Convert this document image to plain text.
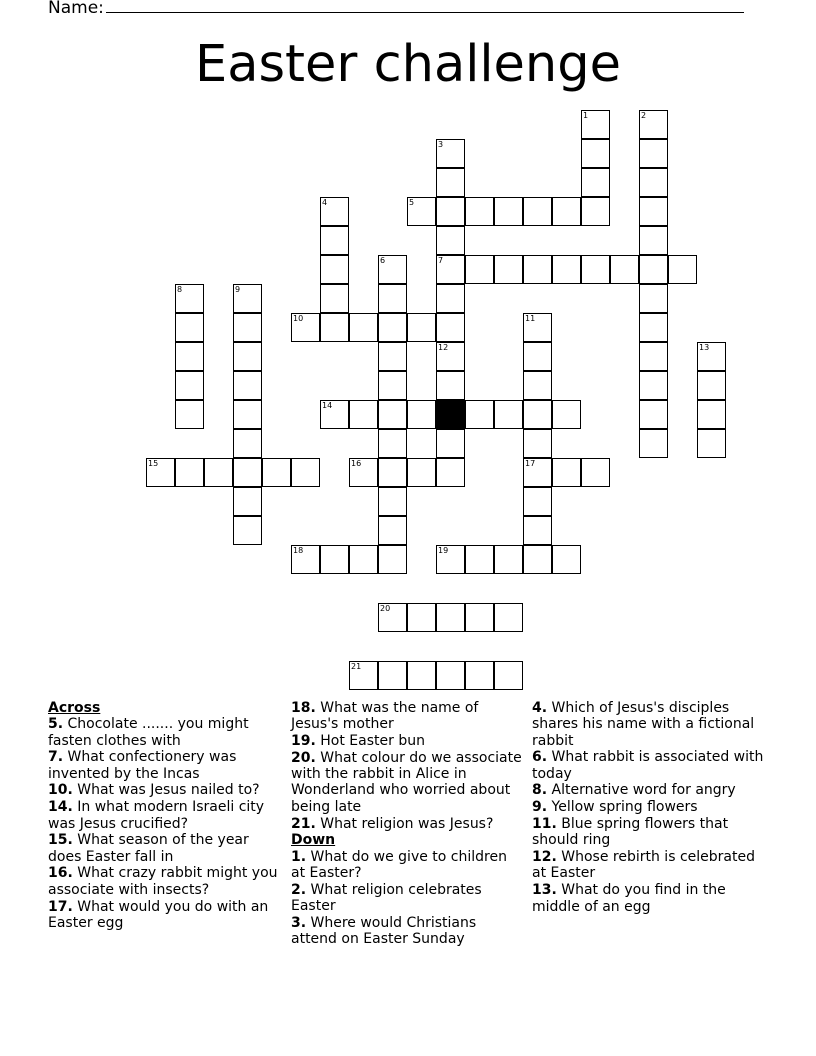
Name:
Easter challenge
5
7
10
14
15	16	17
18	19
20
21
1	2
3
4
6
8	9
11
12	13
Across
5. Chocolate ....... you might fasten clothes with
7. What confectionery was invented by the Incas
10. What was Jesus nailed to?
14. In what modern Israeli city was Jesus crucified?
15. What season of the year does Easter fall in
16. What crazy rabbit might you associate with insects?
17. What would you do with an Easter egg
18. What was the name of Jesus's mother
19. Hot Easter bun
20. What colour do we associate with the rabbit in Alice in Wonderland who worried about being late
21. What religion was Jesus?
Down
1. What do we give to children at Easter?
2. What religion celebrates Easter
3. Where would Christians attend on Easter Sunday
4. Which of Jesus's disciples shares his name with a fictional rabbit
6. What rabbit is associated with today
8. Alternative word for angry
9. Yellow spring flowers
11. Blue spring flowers that should ring
12. Whose rebirth is celebrated at Easter
13. What do you find in the middle of an egg
